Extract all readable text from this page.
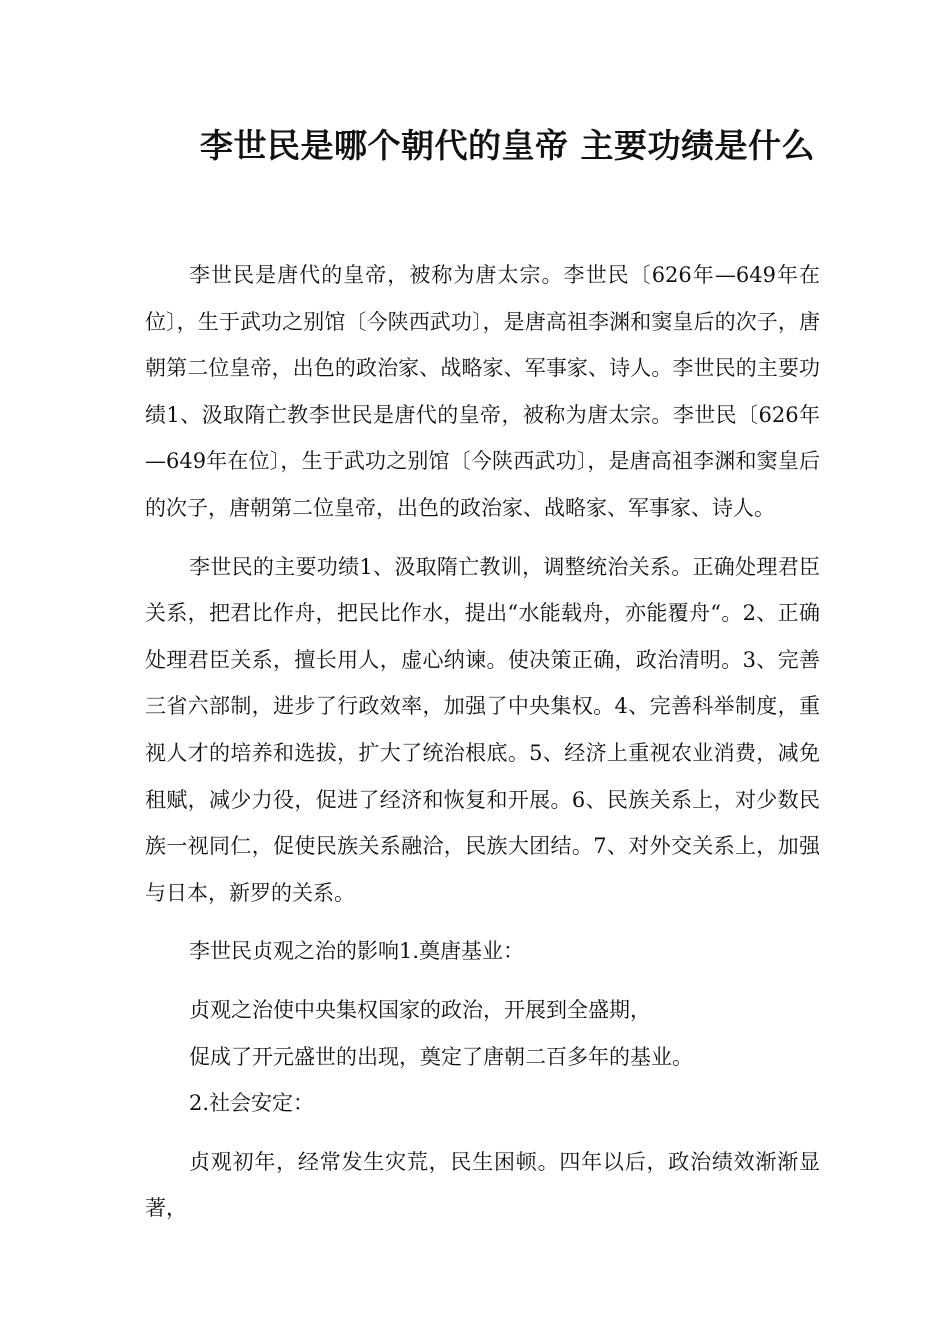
李世民是哪个朝代的皇帝 主要功绩是什么

李世民是唐代的皇帝，被称为唐太宗。李世民〔626年—649年在位〕，生于武功之别馆〔今陕西武功〕，是唐高祖李渊和窦皇后的次子，唐朝第二位皇帝，出色的政治家、战略家、军事家、诗人。李世民的主要功绩1、汲取隋亡教李世民是唐代的皇帝，被称为唐太宗。李世民〔626年—649年在位〕，生于武功之别馆〔今陕西武功〕，是唐高祖李渊和窦皇后的次子，唐朝第二位皇帝，出色的政治家、战略家、军事家、诗人。

李世民的主要功绩1、汲取隋亡教训，调整统治关系。正确处理君臣关系，把君比作舟，把民比作水，提出“水能载舟，亦能覆舟“。2、正确处理君臣关系，擅长用人，虚心纳谏。使决策正确，政治清明。3、完善三省六部制，进步了行政效率，加强了中央集权。4、完善科举制度，重视人才的培养和选拔，扩大了统治根底。5、经济上重视农业消费，减免租赋，减少力役，促进了经济和恢复和开展。6、民族关系上，对少数民族一视同仁，促使民族关系融洽，民族大团结。7、对外交关系上，加强与日本，新罗的关系。

李世民贞观之治的影响1.奠唐基业：

贞观之治使中央集权国家的政治，开展到全盛期，

促成了开元盛世的出现，奠定了唐朝二百多年的基业。

2.社会安定：

贞观初年，经常发生灾荒，民生困顿。四年以后，政治绩效渐渐显著，
